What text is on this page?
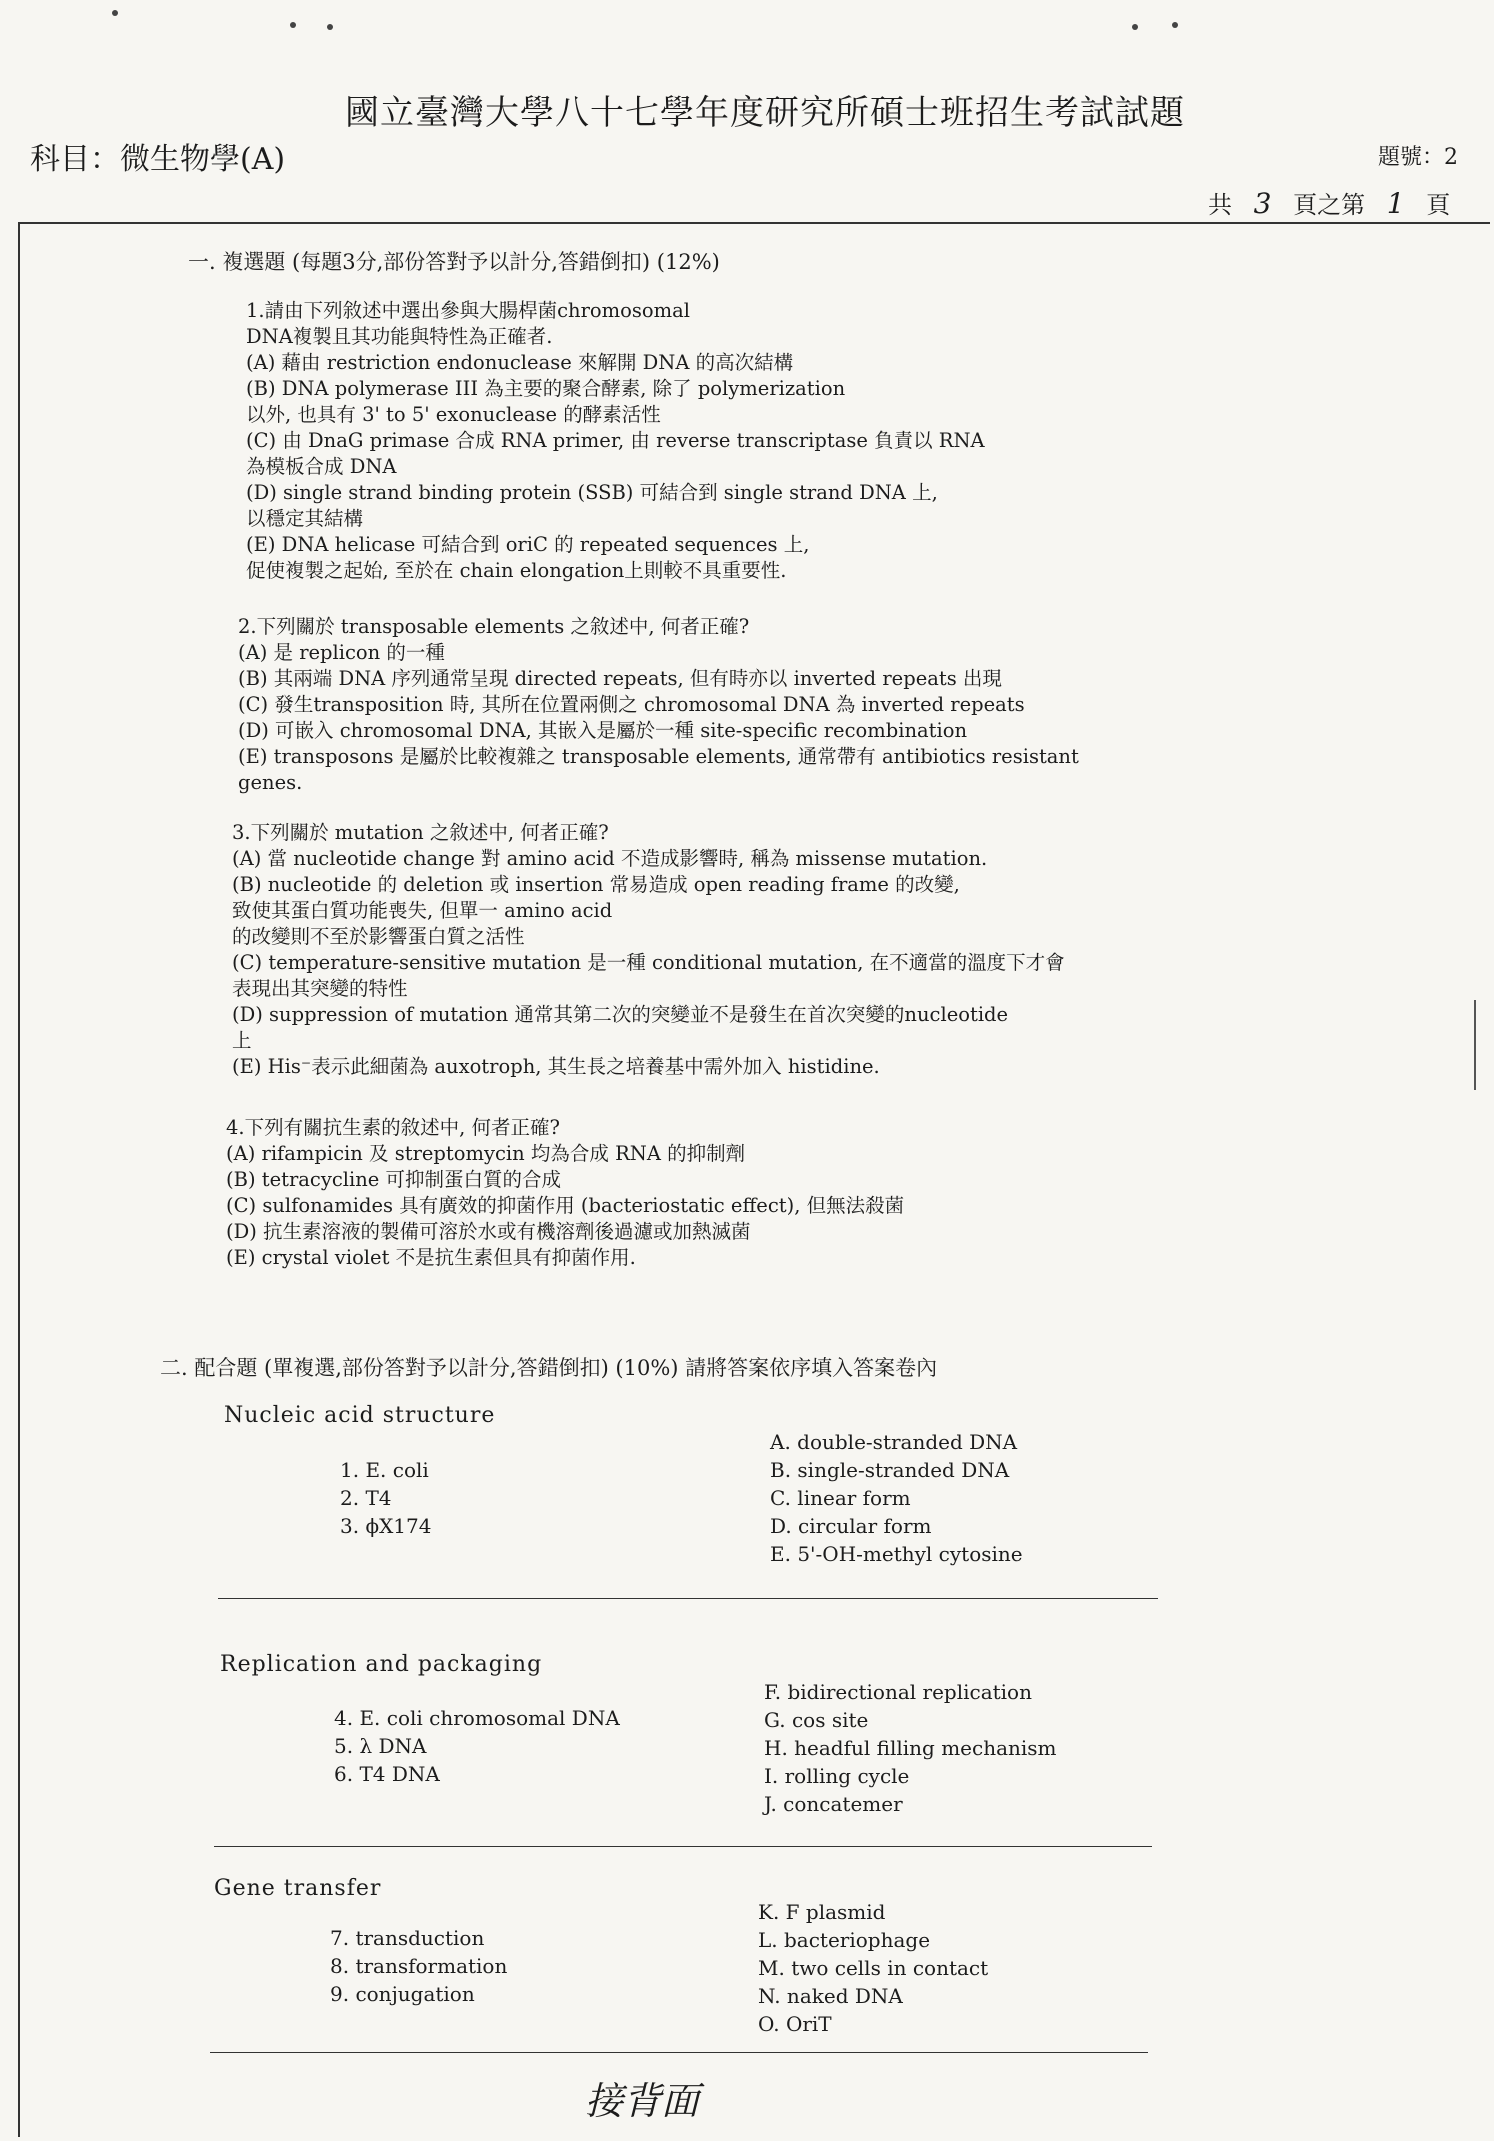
國立臺灣大學八十七學年度研究所碩士班招生考試試題
科目：微生物學(A)	題號：2
共 3 頁之第 1 頁
一. 複選題 (每題3分,部份答對予以計分,答錯倒扣) (12%)
1.請由下列敘述中選出參與大腸桿菌chromosomal
DNA複製且其功能與特性為正確者.
(A) 藉由 restriction endonuclease 來解開 DNA 的高次結構
(B) DNA polymerase III 為主要的聚合酵素, 除了 polymerization
以外, 也具有 3' to 5' exonuclease 的酵素活性
(C) 由 DnaG primase 合成 RNA primer, 由 reverse transcriptase 負責以 RNA
為模板合成 DNA
(D) single strand binding protein (SSB) 可結合到 single strand DNA 上,
以穩定其結構
(E) DNA helicase 可結合到 oriC 的 repeated sequences 上,
促使複製之起始, 至於在 chain elongation上則較不具重要性.
2.下列關於 transposable elements 之敘述中, 何者正確?
(A) 是 replicon 的一種
(B) 其兩端 DNA 序列通常呈現 directed repeats, 但有時亦以 inverted repeats 出現
(C) 發生transposition 時, 其所在位置兩側之 chromosomal DNA 為 inverted repeats
(D) 可嵌入 chromosomal DNA, 其嵌入是屬於一種 site-specific recombination
(E) transposons 是屬於比較複雜之 transposable elements, 通常帶有 antibiotics resistant
genes.
3.下列關於 mutation 之敘述中, 何者正確?
(A) 當 nucleotide change 對 amino acid 不造成影響時, 稱為 missense mutation.
(B) nucleotide 的 deletion 或 insertion 常易造成 open reading frame 的改變,
致使其蛋白質功能喪失, 但單一 amino acid
的改變則不至於影響蛋白質之活性
(C) temperature-sensitive mutation 是一種 conditional mutation, 在不適當的溫度下才會
表現出其突變的特性
(D) suppression of mutation 通常其第二次的突變並不是發生在首次突變的nucleotide
上
(E) His⁻表示此細菌為 auxotroph, 其生長之培養基中需外加入 histidine.
4.下列有關抗生素的敘述中, 何者正確?
(A) rifampicin 及 streptomycin 均為合成 RNA 的抑制劑
(B) tetracycline 可抑制蛋白質的合成
(C) sulfonamides 具有廣效的抑菌作用 (bacteriostatic effect), 但無法殺菌
(D) 抗生素溶液的製備可溶於水或有機溶劑後過濾或加熱滅菌
(E) crystal violet 不是抗生素但具有抑菌作用.
二. 配合題 (單複選,部份答對予以計分,答錯倒扣) (10%) 請將答案依序填入答案卷內
Nucleic acid structure
1. E. coli
2. T4
3. ϕX174
A. double-stranded DNA
B. single-stranded DNA
C. linear form
D. circular form
E. 5'-OH-methyl cytosine
Replication and packaging
4. E. coli chromosomal DNA
5. λ DNA
6. T4 DNA
F. bidirectional replication
G. cos site
H. headful filling mechanism
I. rolling cycle
J. concatemer
Gene transfer
7. transduction
8. transformation
9. conjugation
K. F plasmid
L. bacteriophage
M. two cells in contact
N. naked DNA
O. OriT
接背面
